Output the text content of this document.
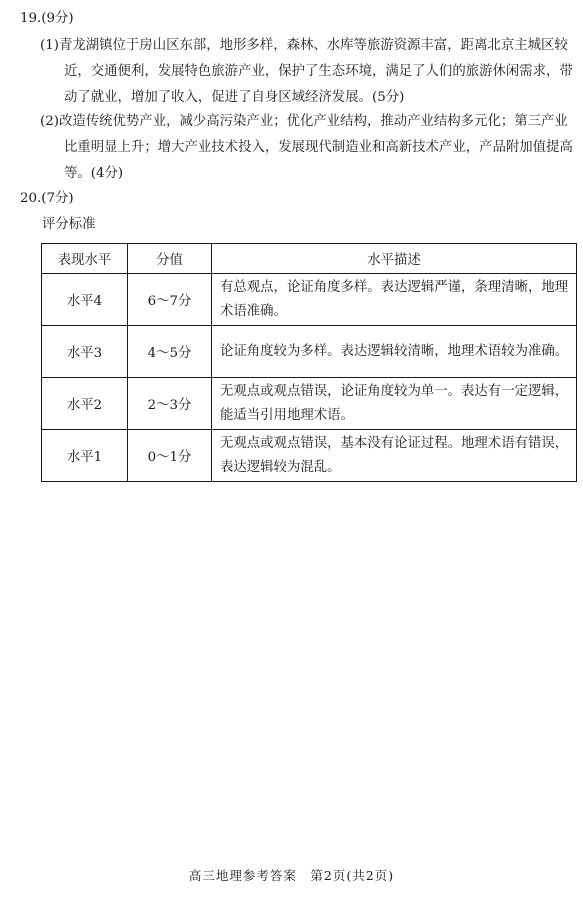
19.(9分)
(1)青龙湖镇位于房山区东部，地形多样，森林、水库等旅游资源丰富，距离北京主城区较
近，交通便利，发展特色旅游产业，保护了生态环境，满足了人们的旅游休闲需求，带动了就业，增加了收入，促进了自身区域经济发展。(5分)
(2)改造传统优势产业，减少高污染产业；优化产业结构，推动产业结构多元化；第三产业
比重明显上升；增大产业技术投入，发展现代制造业和高新技术产业，产品附加值提高等。(4分)
20.(7分)
评分标准
表现水平	分值	水平描述
水平4	6～7分	有总观点，论证角度多样。表达逻辑严谨，条理清晰，地理术语准确。
水平3	4～5分	论证角度较为多样。表达逻辑较清晰，地理术语较为准确。
水平2	2～3分	无观点或观点错误，论证角度较为单一。表达有一定逻辑，能适当引用地理术语。
水平1	0～1分	无观点或观点错误，基本没有论证过程。地理术语有错误，表达逻辑较为混乱。
高三地理参考答案　第2页(共2页)
